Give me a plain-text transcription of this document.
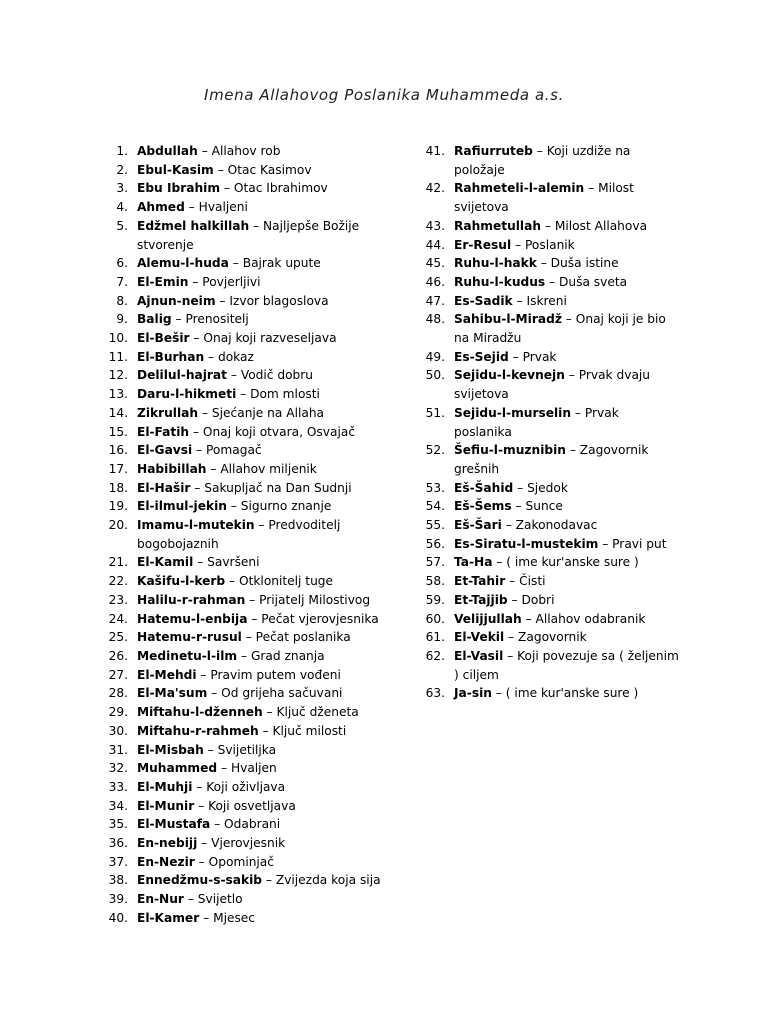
Imena Allahovog Poslanika Muhammeda a.s.
1. Abdullah – Allahov rob
2. Ebul-Kasim – Otac Kasimov
3. Ebu Ibrahim – Otac Ibrahimov
4. Ahmed – Hvaljeni
5. Edžmel halkillah – Najljepše Božije stvorenje
6. Alemu-l-huda – Bajrak upute
7. El-Emin – Povjerljivi
8. Ajnun-neim – Izvor blagoslova
9. Balig – Prenositelj
10. El-Bešir – Onaj koji razveseljava
11. El-Burhan – dokaz
12. Delilul-hajrat – Vodič dobru
13. Daru-l-hikmeti – Dom mlosti
14. Zikrullah – Sjećanje na Allaha
15. El-Fatih – Onaj koji otvara, Osvajač
16. El-Gavsi – Pomagač
17. Habibillah – Allahov miljenik
18. El-Hašir – Sakupljač na Dan Sudnji
19. El-ilmul-jekin – Sigurno znanje
20. Imamu-l-mutekin – Predvoditelj bogobojaznih
21. El-Kamil – Savršeni
22. Kašifu-l-kerb – Otklonitelj tuge
23. Halilu-r-rahman – Prijatelj Milostivog
24. Hatemu-l-enbija – Pečat vjerovjesnika
25. Hatemu-r-rusul – Pečat poslanika
26. Medinetu-l-ilm – Grad znanja
27. El-Mehdi – Pravim putem vođeni
28. El-Ma'sum – Od grijeha sačuvani
29. Miftahu-l-dženneh – Ključ dženeta
30. Miftahu-r-rahmeh – Ključ milosti
31. El-Misbah – Svijetiljka
32. Muhammed – Hvaljen
33. El-Muhji – Koji oživljava
34. El-Munir – Koji osvetljava
35. El-Mustafa – Odabrani
36. En-nebijj – Vjerovjesnik
37. En-Nezir – Opominjač
38. Ennedžmu-s-sakib – Zvijezda koja sija
39. En-Nur – Svijetlo
40. El-Kamer – Mjesec
41. Rafiurruteb – Koji uzdiže na položaje
42. Rahmeteli-l-alemin – Milost svijetova
43. Rahmetullah – Milost Allahova
44. Er-Resul – Poslanik
45. Ruhu-l-hakk – Duša istine
46. Ruhu-l-kudus – Duša sveta
47. Es-Sadik – Iskreni
48. Sahibu-l-Miradž – Onaj koji je bio na Miradžu
49. Es-Sejid – Prvak
50. Sejidu-l-kevnejn – Prvak dvaju svijetova
51. Sejidu-l-murselin – Prvak poslanika
52. Šefiu-l-muznibin – Zagovornik grešnih
53. Eš-Šahid – Sjedok
54. Eš-Šems – Sunce
55. Eš-Šari – Zakonodavac
56. Es-Siratu-l-mustekim – Pravi put
57. Ta-Ha – ( ime kur'anske sure )
58. Et-Tahir – Čisti
59. Et-Tajjib – Dobri
60. Velijjullah – Allahov odabranik
61. El-Vekil – Zagovornik
62. El-Vasil – Koji povezuje sa ( željenim ) ciljem
63. Ja-sin – ( ime kur'anske sure )
